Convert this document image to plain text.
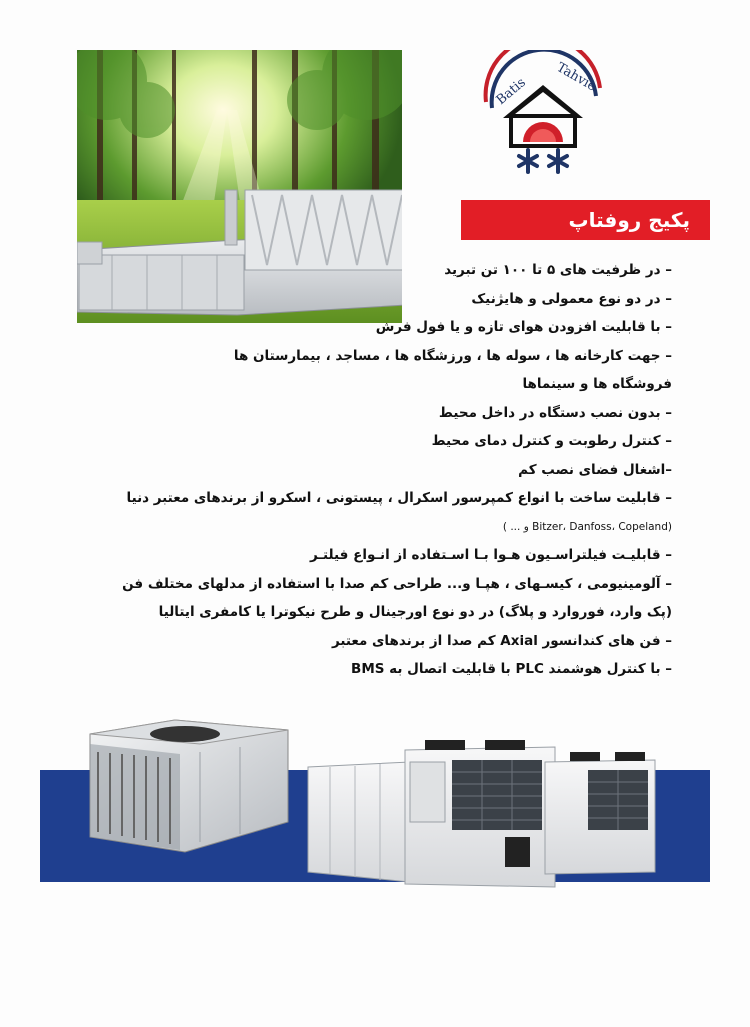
Batis Tahvie
پکیج روفتاپ
– در ظرفیت های ۵ تا ۱۰۰ تن تبرید
– در دو نوع معمولی و هایژنیک
– با قابلیت افزودن هوای تازه و یا فول فرش
– جهت کارخانه ها ، سوله ها ، ورزشگاه ها ، مساجد ، بیمارستان ها
فروشگاه ها و سینماها
– بدون نصب دستگاه در داخل محیط
– کنترل رطوبت و کنترل دمای محیط
–اشغال فضای نصب کم
– قابلیت ساخت با انواع کمپرسور اسکرال ، پیستونی ، اسکرو از برندهای معتبر دنیا
(Bitzer، Danfoss، Copeland و ... )
– قابلیـت فیلتراسـیون هـوا بـا اسـتفاده از انـواع فیلتـر
– آلومینیومی ، کیسـهای ، هپـا و... طراحی کم صدا با استفاده از مدلهای مختلف فن
(پک وارد، فوروارد و پلاگ) در دو نوع اورجینال و طرح نیکوترا یا کامفری ایتالیا
– فن های کندانسور Axial کم صدا از برندهای معتبر
– با کنترل هوشمند PLC با قابلیت اتصال به BMS
